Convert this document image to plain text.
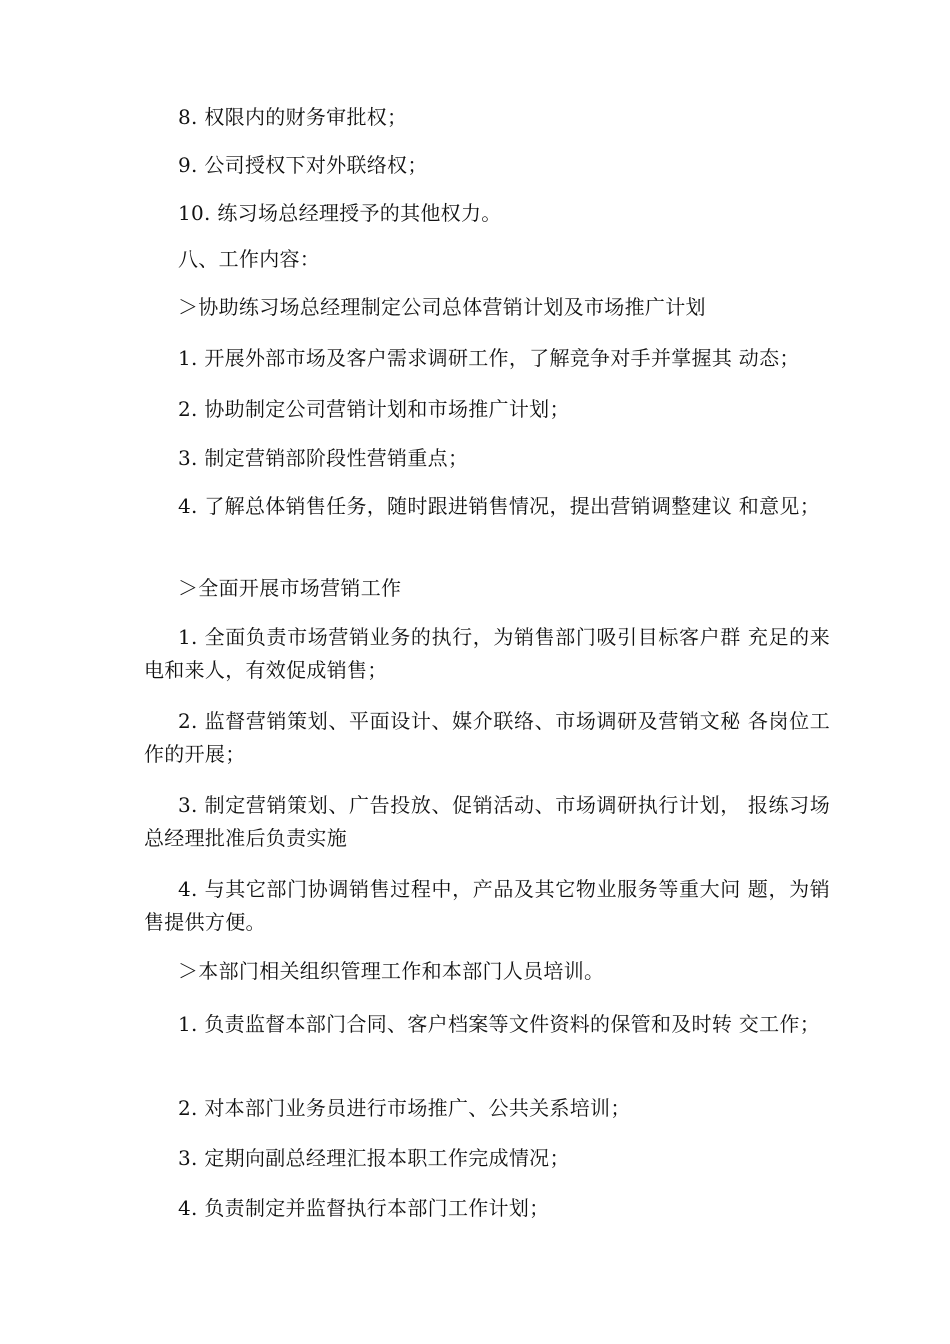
8. 权限内的财务审批权；

9. 公司授权下对外联络权；

10. 练习场总经理授予的其他权力。

八、工作内容：

＞协助练习场总经理制定公司总体营销计划及市场推广计划

1. 开展外部市场及客户需求调研工作，了解竞争对手并掌握其 动态；

2. 协助制定公司营销计划和市场推广计划；

3. 制定营销部阶段性营销重点；

4. 了解总体销售任务，随时跟进销售情况，提出营销调整建议 和意见；

＞全面开展市场营销工作

1. 全面负责市场营销业务的执行，为销售部门吸引目标客户群 充足的来电和来人，有效促成销售；

2. 监督营销策划、平面设计、媒介联络、市场调研及营销文秘 各岗位工作的开展；

3. 制定营销策划、广告投放、促销活动、市场调研执行计划， 报练习场总经理批准后负责实施

4. 与其它部门协调销售过程中，产品及其它物业服务等重大问 题，为销售提供方便。

＞本部门相关组织管理工作和本部门人员培训。

1. 负责监督本部门合同、客户档案等文件资料的保管和及时转 交工作；

2. 对本部门业务员进行市场推广、公共关系培训；

3. 定期向副总经理汇报本职工作完成情况；

4. 负责制定并监督执行本部门工作计划；
